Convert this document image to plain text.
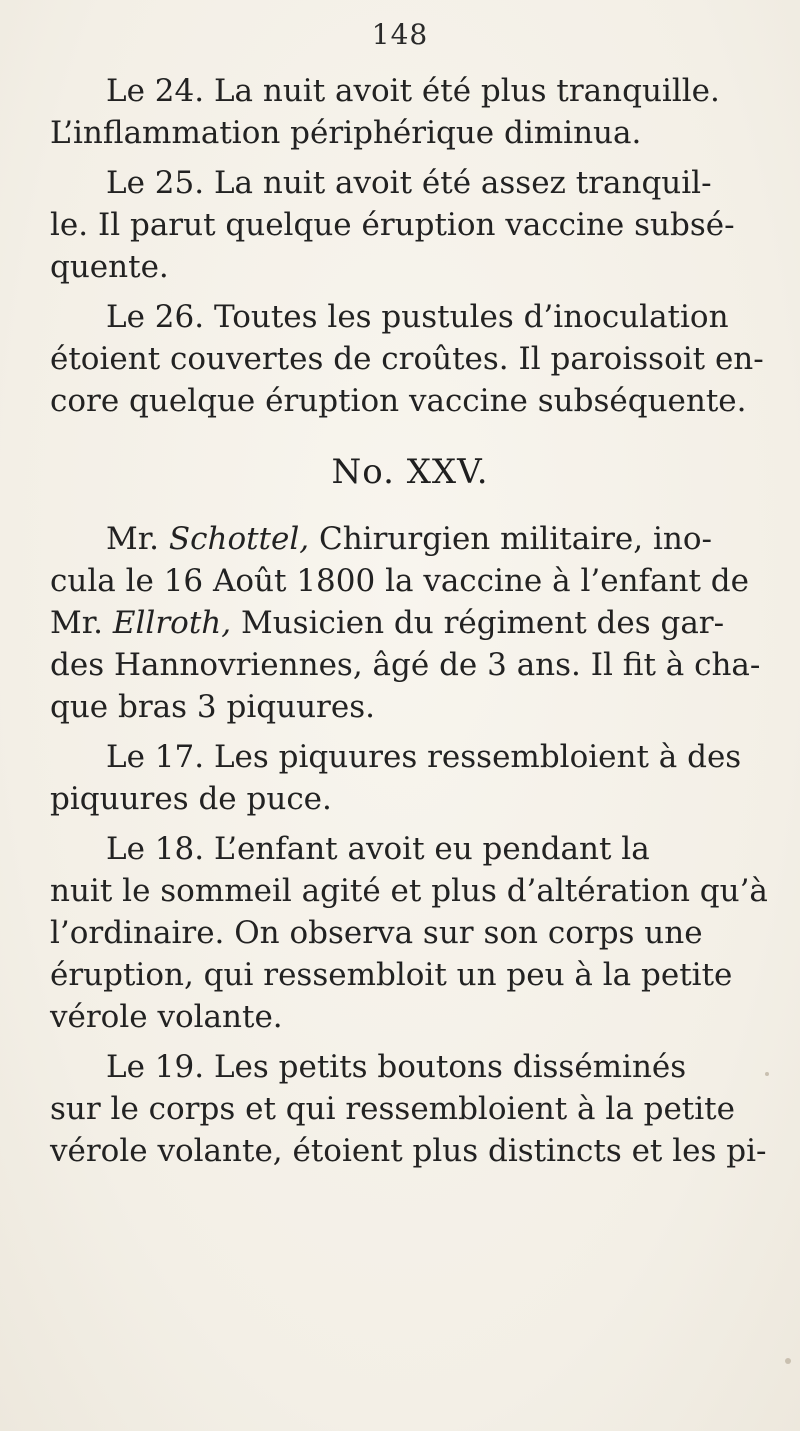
148

Le 24. La nuit avoit été plus tranquille.
L’inflammation périphérique diminua.

Le 25. La nuit avoit été assez tranquil-
le. Il parut quelque éruption vaccine subsé-
quente.

Le 26. Toutes les pustules d’inoculation
étoient couvertes de croûtes. Il paroissoit en-
core quelque éruption vaccine subséquente.

No. XXV.

Mr. Schottel, Chirurgien militaire, ino-
cula le 16 Août 1800 la vaccine à l’enfant de
Mr. Ellroth, Musicien du régiment des gar-
des Hannovriennes, âgé de 3 ans. Il fit à cha-
que bras 3 piquures.

Le 17. Les piquures ressembloient à des
piquures de puce.

Le 18. L’enfant avoit eu pendant la
nuit le sommeil agité et plus d’altération qu’à
l’ordinaire. On observa sur son corps une
éruption, qui ressembloit un peu à la petite
vérole volante.

Le 19. Les petits boutons disséminés
sur le corps et qui ressembloient à la petite
vérole volante, étoient plus distincts et les pi-
